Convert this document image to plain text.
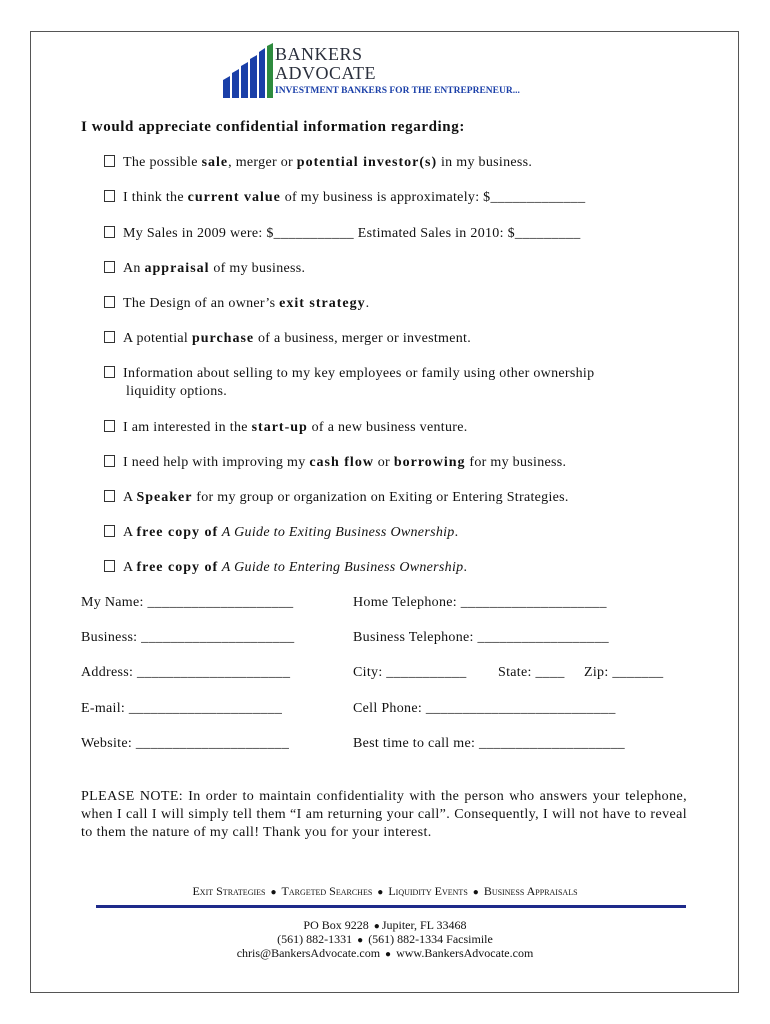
BANKERS
ADVOCATE
INVESTMENT BANKERS FOR THE ENTREPRENEUR...
I would appreciate confidential information regarding:
The possible sale, merger or potential investor(s) in my business.
I think the current value of my business is approximately: $_____________
My Sales in 2009 were: $___________ Estimated Sales in 2010: $_________
An appraisal of my business.
The Design of an owner’s exit strategy.
A potential purchase of a business, merger or investment.
Information about selling to my key employees or family using other ownership
liquidity options.
I am interested in the start-up of a new business venture.
I need help with improving my cash flow or borrowing for my business.
A Speaker for my group or organization on Exiting or Entering Strategies.
A free copy of A Guide to Exiting Business Ownership.
A free copy of A Guide to Entering Business Ownership.
My Name: ____________________	Home Telephone: ____________________
Business: _____________________	Business Telephone: __________________
Address: _____________________	City: ___________ State: ____ Zip: _______
E-mail: _____________________	Cell Phone: __________________________
Website: _____________________	Best time to call me: ____________________
PLEASE NOTE: In order to maintain confidentiality with the person who answers your telephone, when I call I will simply tell them “I am returning your call”. Consequently, I will not have to reveal to them the nature of my call! Thank you for your interest.
Exit Strategies ● Targeted Searches ● Liquidity Events ● Business Appraisals
PO Box 9228 ● Jupiter, FL 33468
(561) 882-1331 ● (561) 882-1334 Facsimile
chris@BankersAdvocate.com ● www.BankersAdvocate.com
